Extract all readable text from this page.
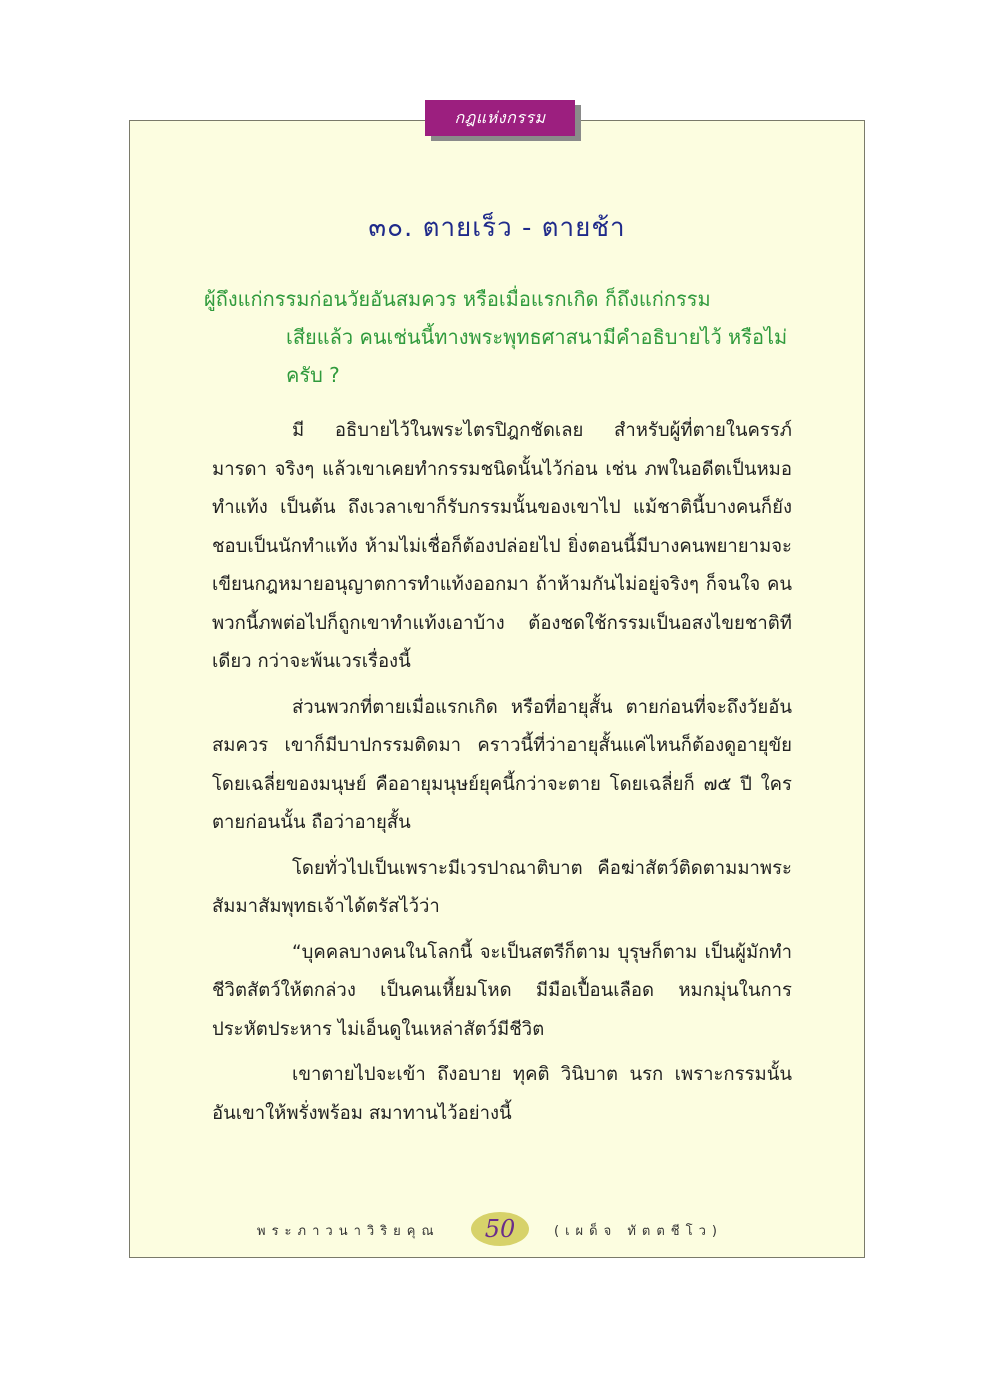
กฎแห่งกรรม
๓๐. ตายเร็ว - ตายช้า

ผู้ถึงแก่กรรมก่อนวัยอันสมควร หรือเมื่อแรกเกิด ก็ถึงแก่กรรม
เสียแล้ว คนเช่นนี้ทางพระพุทธศาสนามีคำอธิบายไว้ หรือไม่ครับ ?

มี อธิบายไว้ในพระไตรปิฎกชัดเลย สำหรับผู้ที่ตายในครรภ์มารดา จริงๆ แล้วเขาเคยทำกรรมชนิดนั้นไว้ก่อน เช่น ภพในอดีตเป็นหมอทำแท้ง เป็นต้น ถึงเวลาเขาก็รับกรรมนั้นของเขาไป แม้ชาตินี้บางคนก็ยังชอบเป็นนักทำแท้ง ห้ามไม่เชื่อก็ต้องปล่อยไป ยิ่งตอนนี้มีบางคนพยายามจะเขียนกฎหมายอนุญาตการทำแท้งออกมา ถ้าห้ามกันไม่อยู่จริงๆ ก็จนใจ คนพวกนี้ภพต่อไปก็ถูกเขาทำแท้งเอาบ้าง ต้องชดใช้กรรมเป็นอสงไขยชาติทีเดียว กว่าจะพ้นเวรเรื่องนี้

ส่วนพวกที่ตายเมื่อแรกเกิด หรือที่อายุสั้น ตายก่อนที่จะถึงวัยอันสมควร เขาก็มีบาปกรรมติดมา คราวนี้ที่ว่าอายุสั้นแค่ไหนก็ต้องดูอายุขัย โดยเฉลี่ยของมนุษย์ คืออายุมนุษย์ยุคนี้กว่าจะตาย โดยเฉลี่ยก็ ๗๕ ปี ใครตายก่อนนั้น ถือว่าอายุสั้น

โดยทั่วไปเป็นเพราะมีเวรปาณาติบาต คือฆ่าสัตว์ติดตามมาพระสัมมาสัมพุทธเจ้าได้ตรัสไว้ว่า

“บุคคลบางคนในโลกนี้ จะเป็นสตรีก็ตาม บุรุษก็ตาม เป็นผู้มักทำชีวิตสัตว์ให้ตกล่วง เป็นคนเหี้ยมโหด มีมือเปื้อนเลือด หมกมุ่นในการประหัตประหาร ไม่เอ็นดูในเหล่าสัตว์มีชีวิต

เขาตายไปจะเข้า ถึงอบาย ทุคติ วินิบาต นรก เพราะกรรมนั้น อันเขาให้พรั่งพร้อม สมาทานไว้อย่างนี้

พระภาวนาวิริยคุณ	50	(เผด็จ ทัตตชีโว)
